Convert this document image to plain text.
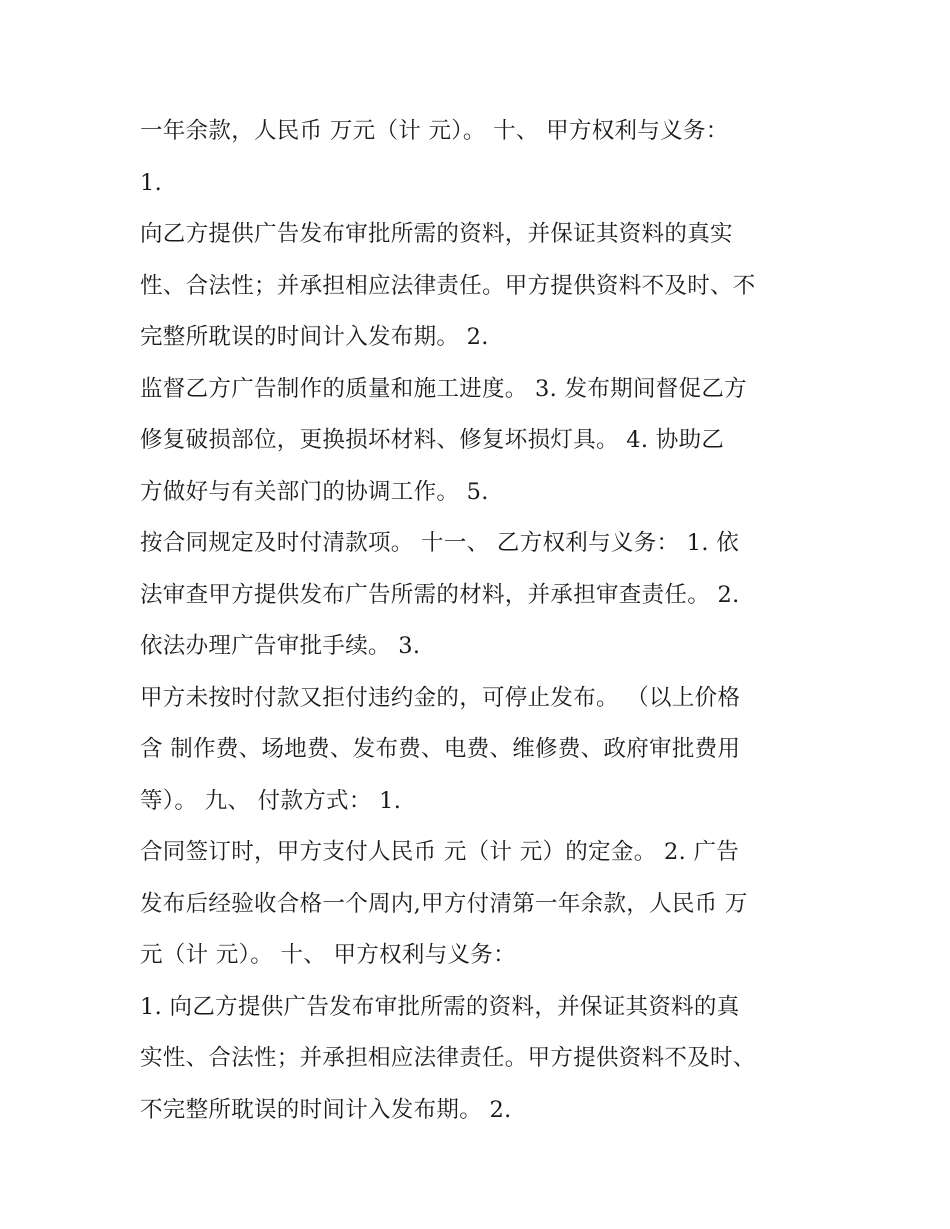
一年余款，人民币 万元（计 元）。 十、 甲方权利与义务：
1.
向乙方提供广告发布审批所需的资料，并保证其资料的真实
性、合法性；并承担相应法律责任。甲方提供资料不及时、不
完整所耽误的时间计入发布期。 2.
监督乙方广告制作的质量和施工进度。 3. 发布期间督促乙方
修复破损部位，更换损坏材料、修复坏损灯具。 4. 协助乙
方做好与有关部门的协调工作。 5.
按合同规定及时付清款项。 十一、 乙方权利与义务： 1. 依
法审查甲方提供发布广告所需的材料，并承担审查责任。 2.
依法办理广告审批手续。 3.
甲方未按时付款又拒付违约金的，可停止发布。 （以上价格
含 制作费、场地费、发布费、电费、维修费、政府审批费用
等）。 九、 付款方式： 1.
合同签订时，甲方支付人民币 元（计 元）的定金。 2. 广告
发布后经验收合格一个周内,甲方付清第一年余款，人民币 万
元（计 元）。 十、 甲方权利与义务：
1. 向乙方提供广告发布审批所需的资料，并保证其资料的真
实性、合法性；并承担相应法律责任。甲方提供资料不及时、
不完整所耽误的时间计入发布期。 2.
